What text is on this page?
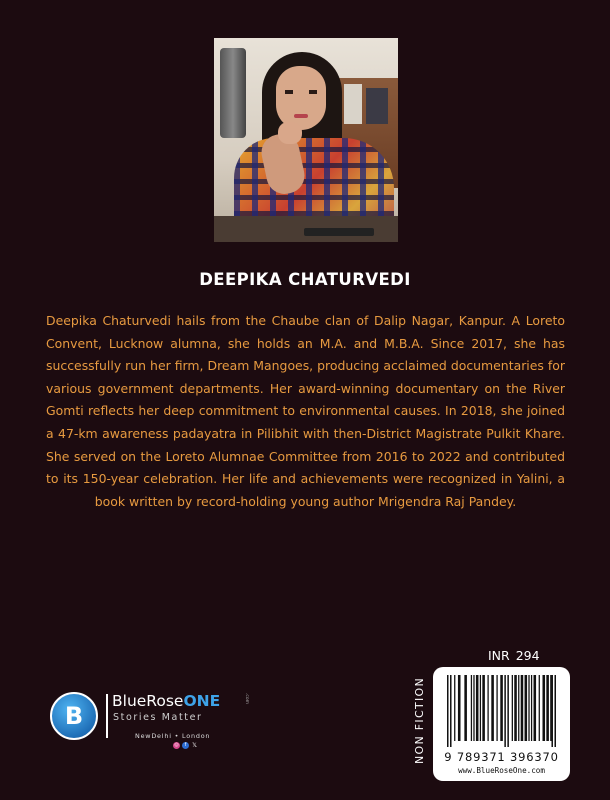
DEEPIKA CHATURVEDI

Deepika Chaturvedi hails from the Chaube clan of Dalip Nagar, Kanpur. A Loreto Convent, Lucknow alumna, she holds an M.A. and M.B.A. Since 2017, she has successfully run her firm, Dream Mangoes, producing acclaimed documentaries for various government departments. Her award-winning documentary on the River Gomti reflects her deep commitment to environmental causes. In 2018, she joined a 47-km awareness padayatra in Pilibhit with then-District Magistrate Pulkit Khare. She served on the Loreto Alumnae Committee from 2016 to 2022 and contributed to its 150-year celebration. Her life and achievements were recognized in Yalini, a book written by record-holding young author Mrigendra Raj Pandey.

INR 294
NON FICTION	9 789371 396370
www.BlueRoseOne.com
B
BlueRoseONE	.com
Stories Matter
NewDelhi • London
◎	f 𝕏
